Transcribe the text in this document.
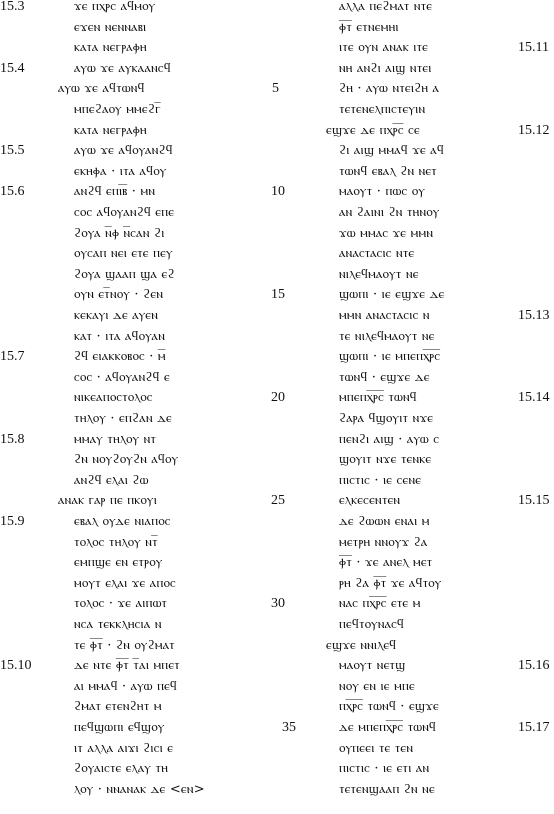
ϫⲉ ⲡⲭⲣ̅ⲥ̅ ⲁϥⲙⲟⲩ
ⲉϫⲉⲛ ⲛⲉⲛⲛⲁⲃⲓ
ⲕⲁⲧⲁ ⲛⲉⲅⲣⲁⲫⲏ
ⲁⲩⲱ ϫⲉ ⲁⲩⲕⲁⲁⲛⲥϥ
ⲁⲩⲱ ϫⲉ ⲁϥⲧⲱⲛϥ
ⲙⲡⲉϩⲁⲟⲩ ⲙⲙⲉϩⲅ̅
ⲕⲁⲧⲁ ⲛⲉⲅⲣⲁⲫⲏ
ⲁⲩⲱ ϫⲉ ⲁϥⲟⲩⲁⲛϩϥ
ⲉⲕⲏⲫⲁ · ⲓⲧⲁ ⲁϥⲟⲩ
ⲁⲛϩϥ ⲉⲡⲓ̅ⲃ̅ · ⲙⲛ
ⲥⲟⲥ ⲁϥⲟⲩⲁⲛϩϥ ⲉⲡⲉ
ϩⲟⲩⲁ ⲛ̅ⲫ ⲛ̅ⲥⲁⲛ ϩⲓ
ⲟⲩⲥⲁⲡ ⲛⲉⲓ ⲉⲧⲉ ⲡⲉⲩ
ϩⲟⲩⲁ ϣⲁⲁⲡ ϣⲁ ⲉϩ
ⲟⲩⲛ ⲉⲧ̅ⲛⲟⲩ · ϩⲉⲛ
ⲕⲉⲕⲁⲩⲓ ⲇⲉ ⲁⲩⲉⲛ
ⲕⲁⲧ · ⲓⲧⲁ ⲁϥⲟⲩⲁⲛ
ϩϥ ⲉⲓⲁⲕⲕⲟⲃⲟⲥ · ⲙ̅
ⲥⲟⲥ · ⲁϥⲟⲩⲁⲛϩϥ ⲉ
ⲛⲓⲕⲉⲁⲡⲟⲥⲧⲟⲗⲟⲥ
ⲧⲏⲗⲟⲩ · ⲉⲡϩⲁⲛ ⲇⲉ
ⲙⲙⲁⲩ ⲧⲏⲗⲟⲩ ⲛⲧ
ϩⲛ ⲛⲟⲩϩⲟⲩϩⲛ ⲁϥⲟⲩ
ⲁⲛϩϥ ⲉⲗⲁⲓ ϩⲱ
ⲁⲛⲁⲕ ⲅⲁⲣ ⲡⲉ ⲡⲕⲟⲩⲓ
ⲉⲃⲁⲗ ⲟⲩⲇⲉ ⲛⲓⲁⲡⲟⲥ
ⲧⲟⲗⲟⲥ ⲧⲏⲗⲟⲩ ⲛⲧ̅
ⲉⲙⲡϣⲉ ⲉⲛ ⲉⲧⲣⲟⲩ
ⲙⲟⲩⲧ ⲉⲗⲁⲓ ϫⲉ ⲁⲡⲟⲥ
ⲧⲟⲗⲟⲥ · ϫⲉ ⲁⲓⲡⲱⲧ
ⲛⲥⲁ ⲧⲉⲕⲕⲗⲏⲥⲓⲁ ⲛ
ⲧⲉ ⲫ̅ⲧ̅ · ϩⲛ ⲟⲩϩⲙⲁⲧ
ⲇⲉ ⲛⲧⲉ ⲫ̅ⲧ̅ ⲧ̅ⲁⲓ ⲙⲡⲉⲧ
ⲁⲓ ⲙⲙⲁϥ · ⲁⲩⲱ ⲡⲉϥ
ϩⲙⲁⲧ ⲉⲧⲉⲛϩⲏⲧ ⲙ
ⲡⲉϥϣⲱⲡⲓ ⲉϥϣⲟⲩ
ⲓⲧ ⲁⲗⲗⲁ ⲁⲓϫⲓ ϩⲓⲥⲓ ⲉ
ϩⲟⲩⲁⲓⲥⲧⲉ ⲉⲗⲁⲩ ⲧⲏ
ⲗⲟⲩ · ⲛⲛⲁⲛⲁⲕ ⲇⲉ <ⲉⲛ>
ⲁⲗⲗⲁ ⲡⲉϩⲙⲁⲧ ⲛⲧⲉ
ⲫ̅ⲧ̅ ⲉⲧⲛⲉⲙⲏⲓ
ⲓⲧⲉ ⲟⲩⲛ ⲁⲛⲁⲕ ⲓⲧⲉ
ⲛⲏ ⲁⲛϩⲓ ⲁⲓϣ ⲛⲧⲉⲓ
ϩⲏ · ⲁⲩⲱ ⲛⲧⲉⲓϩⲏ ⲁ
ⲧⲉⲧⲉⲛⲉⲗⲡⲓⲥⲧⲉⲩⲓⲛ
ⲉϣϫⲉ ⲇⲉ ⲡⲭⲣ̅ⲥ̅ ⲥⲉ
ϩⲓ ⲁⲓϣ ⲙⲙⲁϥ ϫⲉ ⲁϥ
ⲧⲱⲛϥ ⲉⲃⲁⲗ ϩⲛ ⲛⲉⲧ
ⲙⲁⲟⲩⲧ · ⲡⲱⲥ ⲟⲩ
ⲁⲛ ϩⲁⲓⲛⲓ ϩⲛ ⲧⲏⲛⲟⲩ
ϫⲱ ⲙⲙⲁⲥ ϫⲉ ⲙⲙⲛ
ⲁⲛⲁⲥⲧⲁⲥⲓⲥ ⲛⲧⲉ
ⲛⲓⲗⲉϥⲙⲁⲟⲩⲧ ⲛⲉ
ϣⲱⲡⲓ · ⲓⲉ ⲉϣϫⲉ ⲇⲉ
ⲙⲙⲛ ⲁⲛⲁⲥⲧⲁⲥⲓⲥ ⲛ
ⲧⲉ ⲛⲓⲗⲉϥⲙⲁⲟⲩⲧ ⲛⲉ
ϣⲱⲡⲓ · ⲓⲉ ⲙⲡⲉⲡⲭ̅ⲣ̅ⲥ̅
ⲧⲱⲛϥ · ⲉϣϫⲉ ⲇⲉ
ⲙⲡⲉⲡⲭ̅ⲣ̅ⲥ̅ ⲧⲱⲛϥ
ϩⲁⲣⲁ ϥϣⲟⲩⲓⲧ ⲛϫⲉ
ⲡⲉⲛϩⲓ ⲁⲓϣ · ⲁⲩⲱ ⲥ
ϣⲟⲩⲓⲧ ⲛϫⲉ ⲧⲉⲛⲕⲉ
ⲡⲓⲥⲧⲓⲥ · ⲓⲉ ⲥⲉⲛⲉ
ⲉⲗⲕⲉⲥⲉⲛⲧⲉⲛ
ⲇⲉ ϩⲱⲱⲛ ⲉⲛⲁⲓ ⲙ
ⲙⲉⲧⲣⲏ ⲛⲛⲟⲩϫ ϩⲁ
ⲫ̅ⲧ̅ · ϫⲉ ⲁⲛⲉⲗ ⲙⲉⲧ
ⲣⲏ ϩⲁ ⲫ̅ⲧ̅ ϫⲉ ⲁϥⲧⲟⲩ
ⲛⲁⲥ ⲡⲭ̅ⲣ̅ⲥ̅ ⲉⲧⲉ ⲙ
ⲡⲉϥⲧⲟⲩⲛⲁⲥϥ
ⲉϣϫⲉ ⲛⲛⲓⲗⲉϥ
ⲙⲁⲟⲩⲧ ⲛⲉⲧϣ
ⲛⲟⲩ ⲉⲛ ⲓⲉ ⲙⲡⲉ
ⲡⲭ̅ⲣ̅ⲥ̅ ⲧⲱⲛϥ · ⲉϣϫⲉ
ⲇⲉ ⲙⲡⲉⲡⲭ̅ⲣ̅ⲥ̅ ⲧⲱⲛϥ
ⲟⲩⲡⲉⲉⲓ ⲧⲉ ⲧⲉⲛ
ⲡⲓⲥⲧⲓⲥ · ⲓⲉ ⲉⲧⲓ ⲁⲛ
ⲧⲉⲧⲉⲛϣⲁⲁⲡ ϩⲛ ⲛⲉ
15.3
15.4
15.5
15.6
15.7
15.8
15.9
15.10
5
10
15
20
25
30
35
15.11
15.12
15.13
15.14
15.15
15.16
15.17
